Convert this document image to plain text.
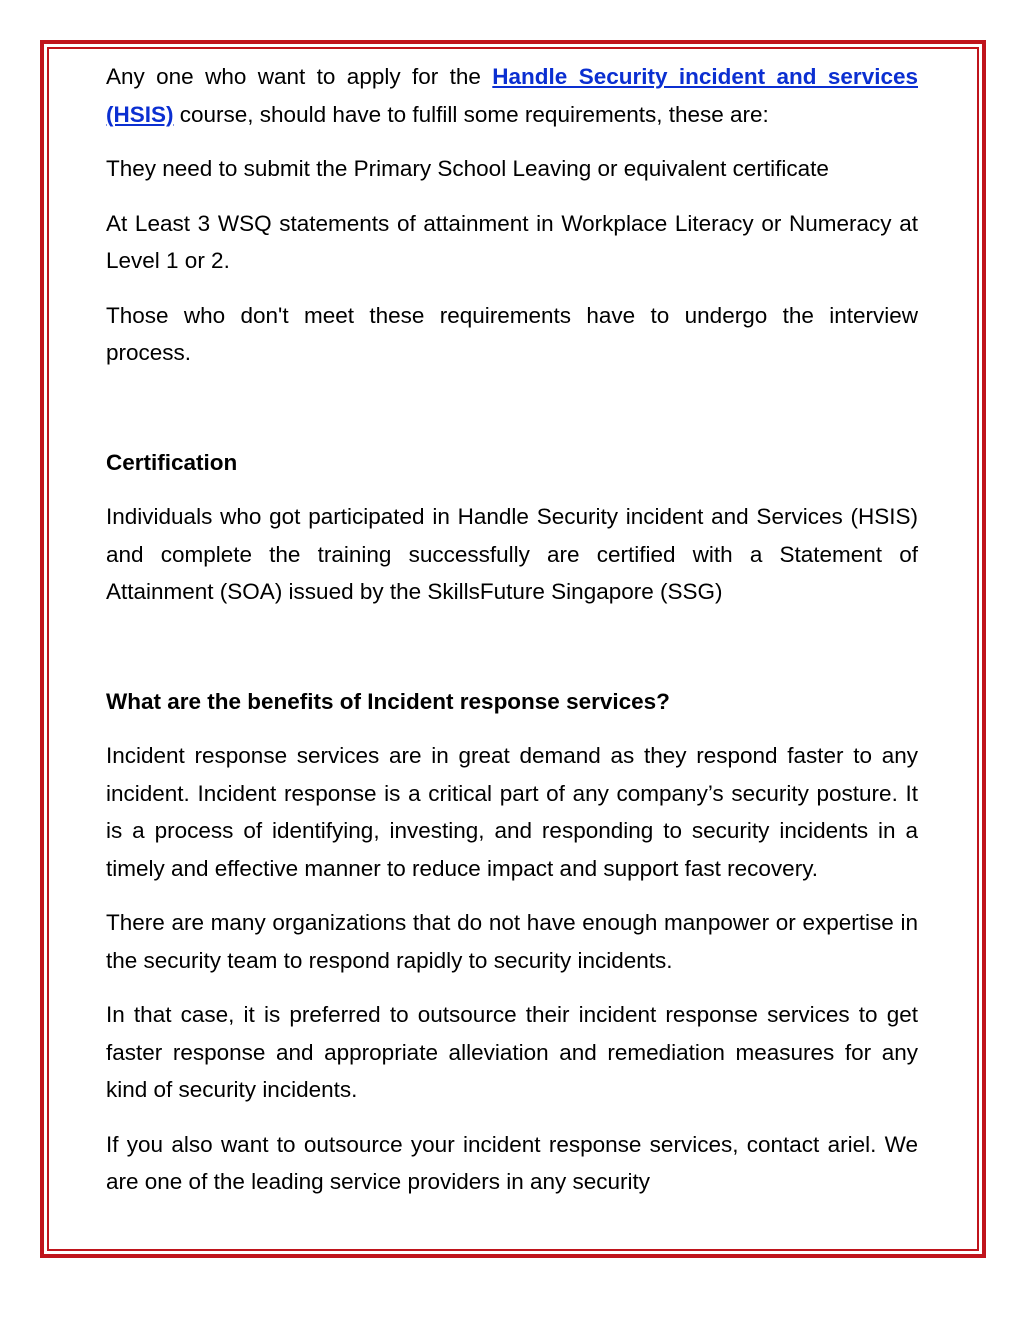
Any one who want to apply for the Handle Security incident and services (HSIS) course, should have to fulfill some requirements, these are:

They need to submit the Primary School Leaving or equivalent certificate

At Least 3 WSQ statements of attainment in Workplace Literacy or Numeracy at Level 1 or 2.

Those who don't meet these requirements have to undergo the interview process.

Certification

Individuals who got participated in Handle Security incident and Services (HSIS) and complete the training successfully are certified with a Statement of Attainment (SOA) issued by the SkillsFuture Singapore (SSG)

What are the benefits of Incident response services?

Incident response services are in great demand as they respond faster to any incident. Incident response is a critical part of any company’s security posture. It is a process of identifying, investing, and responding to security incidents in a timely and effective manner to reduce impact and support fast recovery.

There are many organizations that do not have enough manpower or expertise in the security team to respond rapidly to security incidents.

In that case, it is preferred to outsource their incident response services to get faster response and appropriate alleviation and remediation measures for any kind of security incidents.

If you also want to outsource your incident response services, contact ariel. We are one of the leading service providers in any security
